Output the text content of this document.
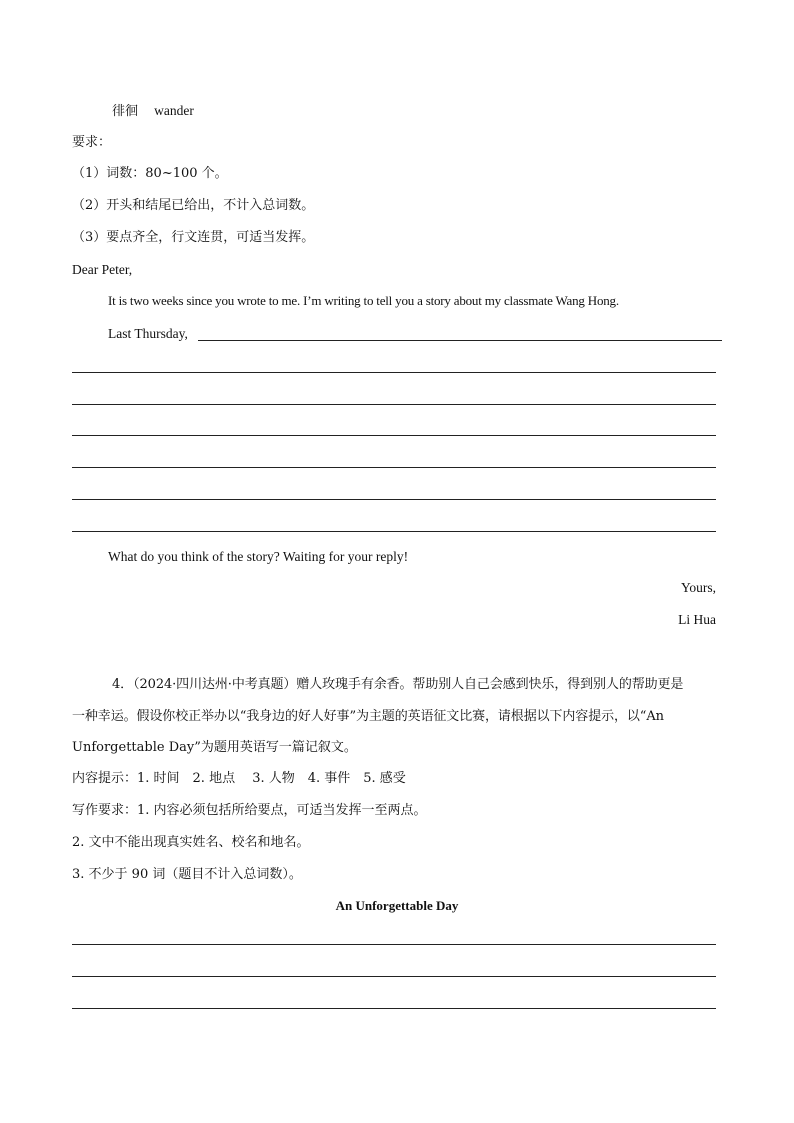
徘徊 wander
要求：
（1）词数：80~100 个。
（2）开头和结尾已给出，不计入总词数。
（3）要点齐全，行文连贯，可适当发挥。
Dear Peter,
It is two weeks since you wrote to me. I’m writing to tell you a story about my classmate Wang Hong.
Last Thursday,
What do you think of the story? Waiting for your reply!
Yours,
Li Hua
4．（2024·四川达州·中考真题）赠人玫瑰手有余香。帮助别人自己会感到快乐，得到别人的帮助更是
一种幸运。假设你校正举办以“我身边的好人好事”为主题的英语征文比赛，请根据以下内容提示，以“An
Unforgettable Day”为题用英语写一篇记叙文。
内容提示：1. 时间　2. 地点　 3. 人物　4. 事件　5. 感受
写作要求：1. 内容必须包括所给要点，可适当发挥一至两点。
2. 文中不能出现真实姓名、校名和地名。
3. 不少于 90 词（题目不计入总词数）。
An Unforgettable Day
